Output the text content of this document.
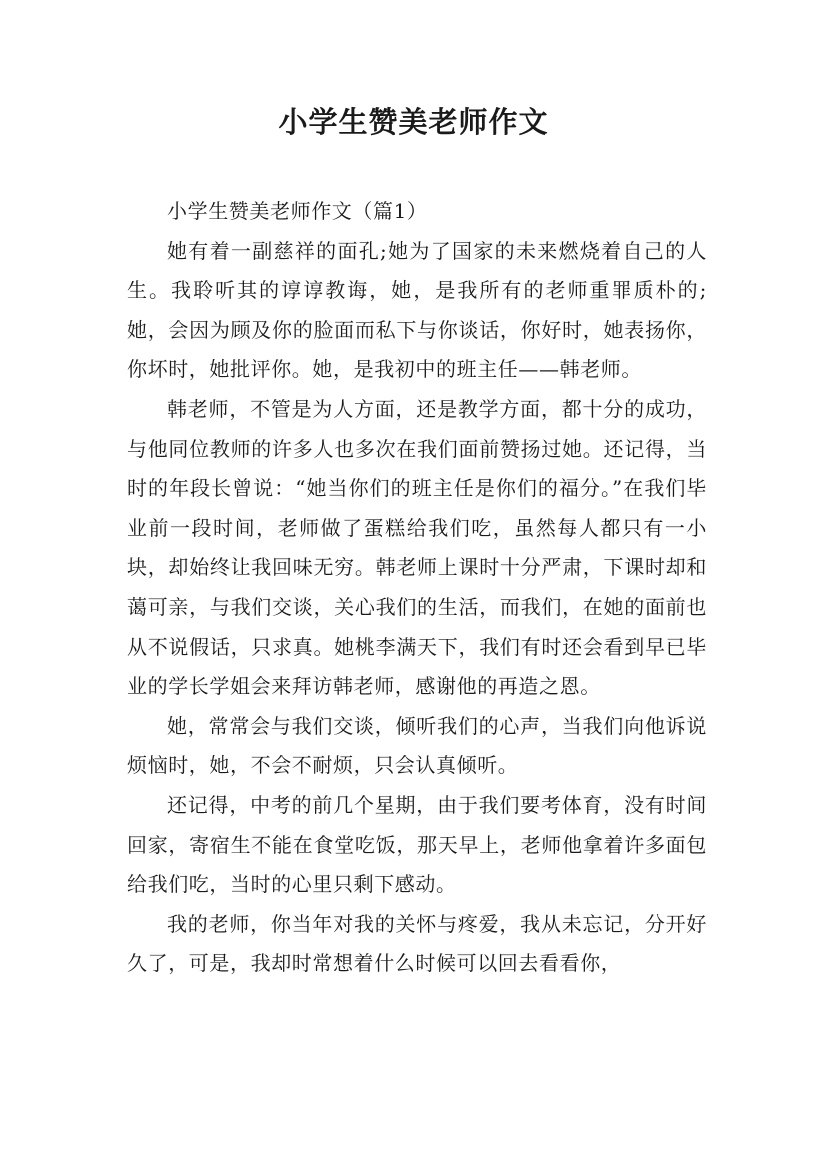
小学生赞美老师作文

小学生赞美老师作文（篇1）

她有着一副慈祥的面孔;她为了国家的未来燃烧着自己的人生。我聆听其的谆谆教诲，她，是我所有的老师重罪质朴的;她，会因为顾及你的脸面而私下与你谈话，你好时，她表扬你，你坏时，她批评你。她，是我初中的班主任——韩老师。

韩老师，不管是为人方面，还是教学方面，都十分的成功，与他同位教师的许多人也多次在我们面前赞扬过她。还记得，当时的年段长曾说：“她当你们的班主任是你们的福分。”在我们毕业前一段时间，老师做了蛋糕给我们吃，虽然每人都只有一小块，却始终让我回味无穷。韩老师上课时十分严肃，下课时却和蔼可亲，与我们交谈，关心我们的生活，而我们，在她的面前也从不说假话，只求真。她桃李满天下，我们有时还会看到早已毕业的学长学姐会来拜访韩老师，感谢他的再造之恩。

她，常常会与我们交谈，倾听我们的心声，当我们向他诉说烦恼时，她，不会不耐烦，只会认真倾听。

还记得，中考的前几个星期，由于我们要考体育，没有时间回家，寄宿生不能在食堂吃饭，那天早上，老师他拿着许多面包给我们吃，当时的心里只剩下感动。

我的老师，你当年对我的关怀与疼爱，我从未忘记，分开好久了，可是，我却时常想着什么时候可以回去看看你，
